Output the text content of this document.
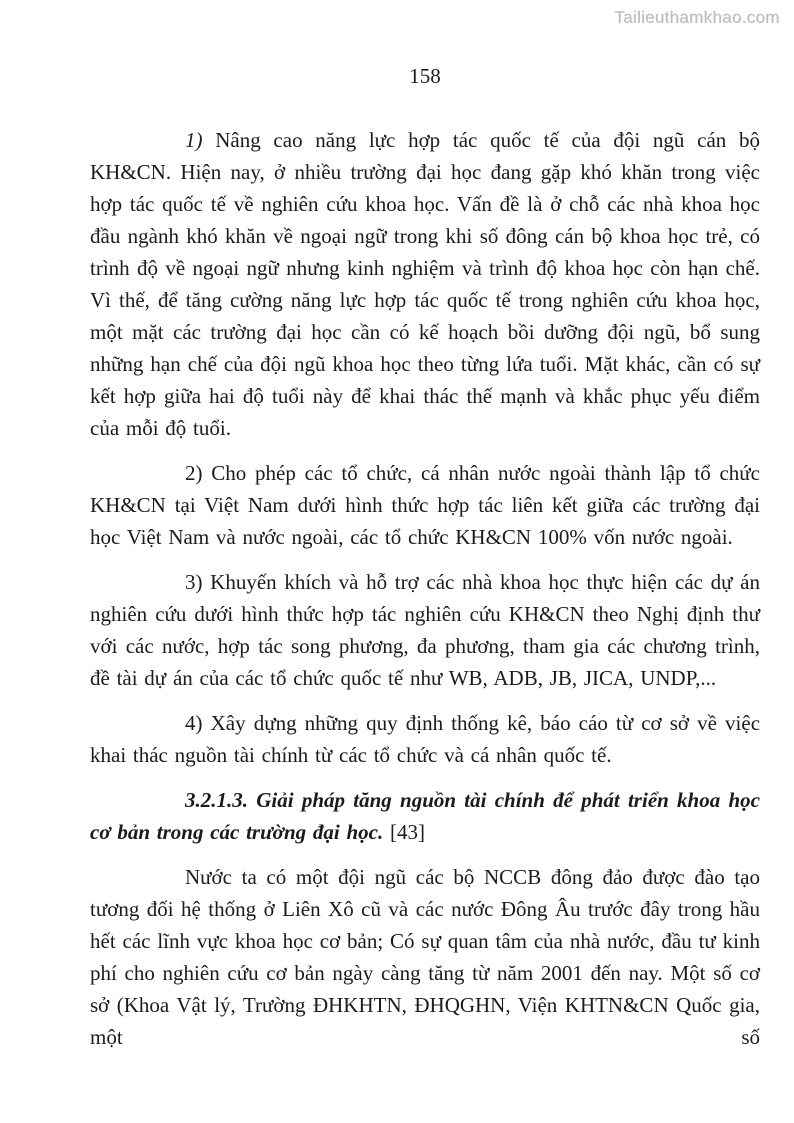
Tailieuthamkhao.com
158

1) Nâng cao năng lực hợp tác quốc tế của đội ngũ cán bộ KH&CN. Hiện nay, ở nhiều trường đại học đang gặp khó khăn trong việc hợp tác quốc tế về nghiên cứu khoa học. Vấn đề là ở chỗ các nhà khoa học đầu ngành khó khăn về ngoại ngữ trong khi số đông cán bộ khoa học trẻ, có trình độ về ngoại ngữ nhưng kinh nghiệm và trình độ khoa học còn hạn chế. Vì thế, để tăng cường năng lực hợp tác quốc tế trong nghiên cứu khoa học, một mặt các trường đại học cần có kế hoạch bồi dưỡng đội ngũ, bổ sung những hạn chế của đội ngũ khoa học theo từng lứa tuổi. Mặt khác, cần có sự kết hợp giữa hai độ tuổi này để khai thác thế mạnh và khắc phục yếu điểm của mỗi độ tuổi.

2) Cho phép các tổ chức, cá nhân nước ngoài thành lập tổ chức KH&CN tại Việt Nam dưới hình thức hợp tác liên kết giữa các trường đại học Việt Nam và nước ngoài, các tổ chức KH&CN 100% vốn nước ngoài.

3) Khuyến khích và hỗ trợ các nhà khoa học thực hiện các dự án nghiên cứu dưới hình thức hợp tác nghiên cứu KH&CN theo Nghị định thư với các nước, hợp tác song phương, đa phương, tham gia các chương trình, đề tài dự án của các tổ chức quốc tế như WB, ADB, JB, JICA, UNDP,...

4) Xây dựng những quy định thống kê, báo cáo từ cơ sở về việc khai thác nguồn tài chính từ các tổ chức và cá nhân quốc tế.

3.2.1.3. Giải pháp tăng nguồn tài chính để phát triển khoa học cơ bản trong các trường đại học. [43]

Nước ta có một đội ngũ các bộ NCCB đông đảo được đào tạo tương đối hệ thống ở Liên Xô cũ và các nước Đông Âu trước đây trong hầu hết các lĩnh vực khoa học cơ bản; Có sự quan tâm của nhà nước, đầu tư kinh phí cho nghiên cứu cơ bản ngày càng tăng từ năm 2001 đến nay. Một số cơ sở (Khoa Vật lý, Trường ĐHKHTN, ĐHQGHN, Viện KHTN&CN Quốc gia, một số
